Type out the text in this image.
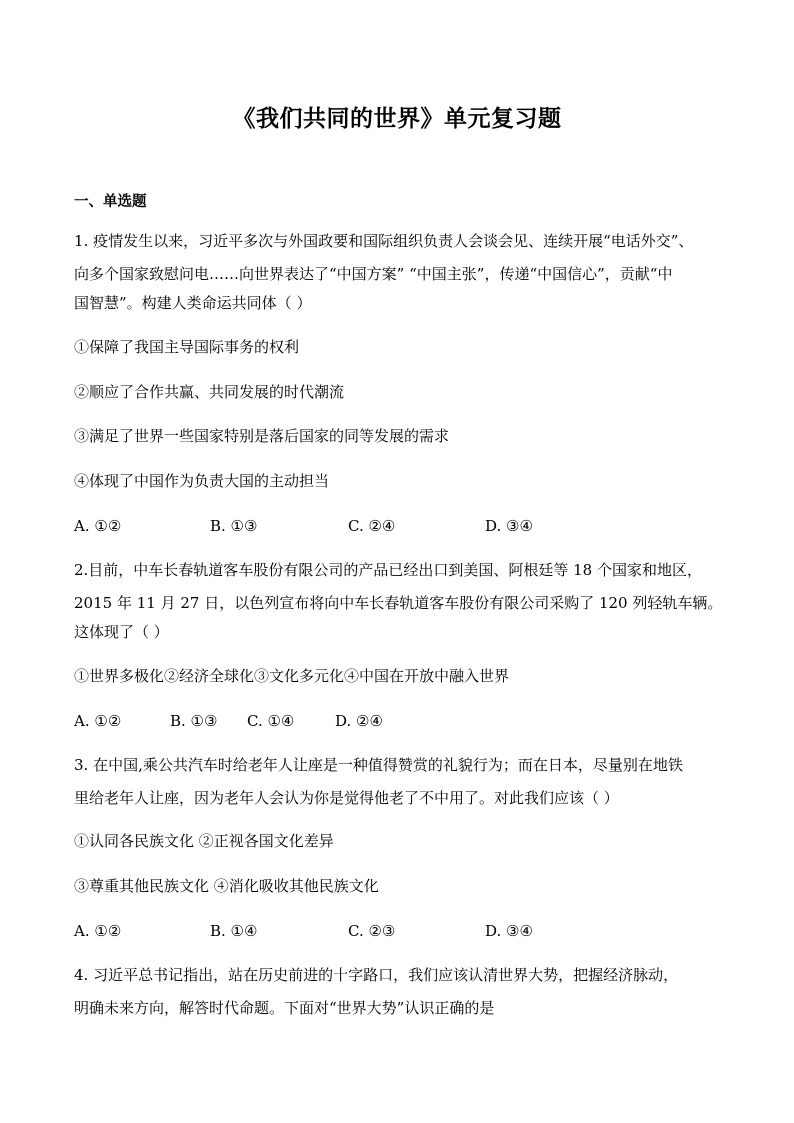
《我们共同的世界》单元复习题
一、单选题
1. 疫情发生以来，习近平多次与外国政要和国际组织负责人会谈会见、连续开展“电话外交”、
向多个国家致慰问电……向世界表达了“中国方案” “中国主张”，传递“中国信心”，贡献“中
国智慧”。构建人类命运共同体（ ）
①保障了我国主导国际事务的权利
②顺应了合作共赢、共同发展的时代潮流
③满足了世界一些国家特别是落后国家的同等发展的需求
④体现了中国作为负责大国的主动担当
A. ①②	B. ①③	C. ②④	D. ③④
2.目前，中车长春轨道客车股份有限公司的产品已经出口到美国、阿根廷等 18 个国家和地区，
2015 年 11 月 27 日，以色列宣布将向中车长春轨道客车股份有限公司采购了 120 列轻轨车辆。
这体现了（ ）
①世界多极化②经济全球化③文化多元化④中国在开放中融入世界
A. ①②	B. ①③ C. ①④	D. ②④
3. 在中国,乘公共汽车时给老年人让座是一种值得赞赏的礼貌行为；而在日本，尽量别在地铁
里给老年人让座，因为老年人会认为你是觉得他老了不中用了。对此我们应该（ ）
①认同各民族文化 ②正视各国文化差异
③尊重其他民族文化 ④消化吸收其他民族文化
A. ①②	B. ①④	C. ②③	D. ③④
4. 习近平总书记指出，站在历史前进的十字路口，我们应该认清世界大势，把握经济脉动，
明确未来方向，解答时代命题。下面对“世界大势”认识正确的是
